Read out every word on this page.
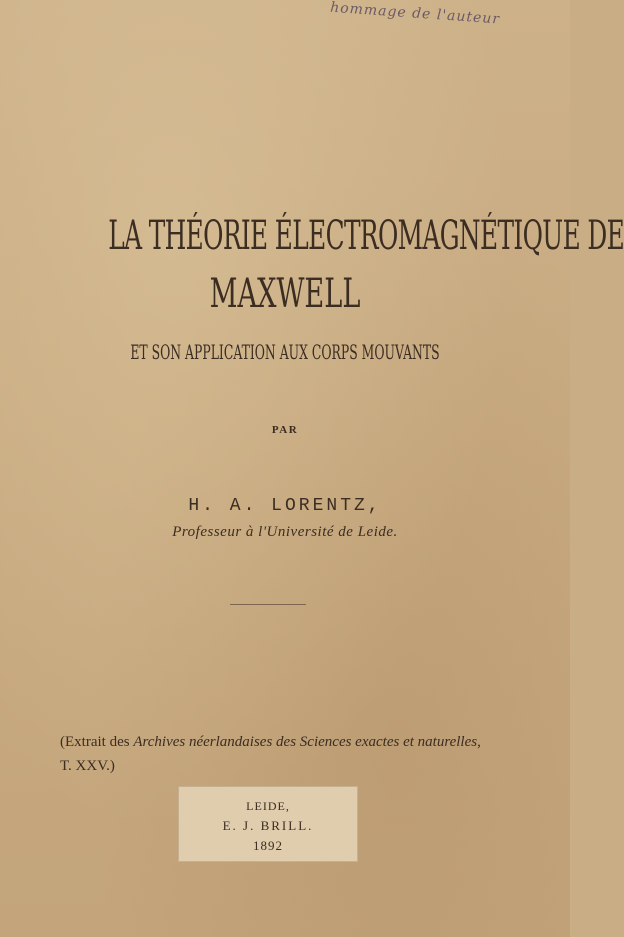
hommage de l'auteur
LA THÉORIE ÉLECTROMAGNÉTIQUE DE
MAXWELL
ET SON APPLICATION AUX CORPS MOUVANTS
PAR
H. A. LORENTZ,
Professeur à l'Université de Leide.
(Extrait des Archives néerlandaises des Sciences exactes et naturelles, T. XXV.)
LEIDE,
E. J. BRILL.
1892
